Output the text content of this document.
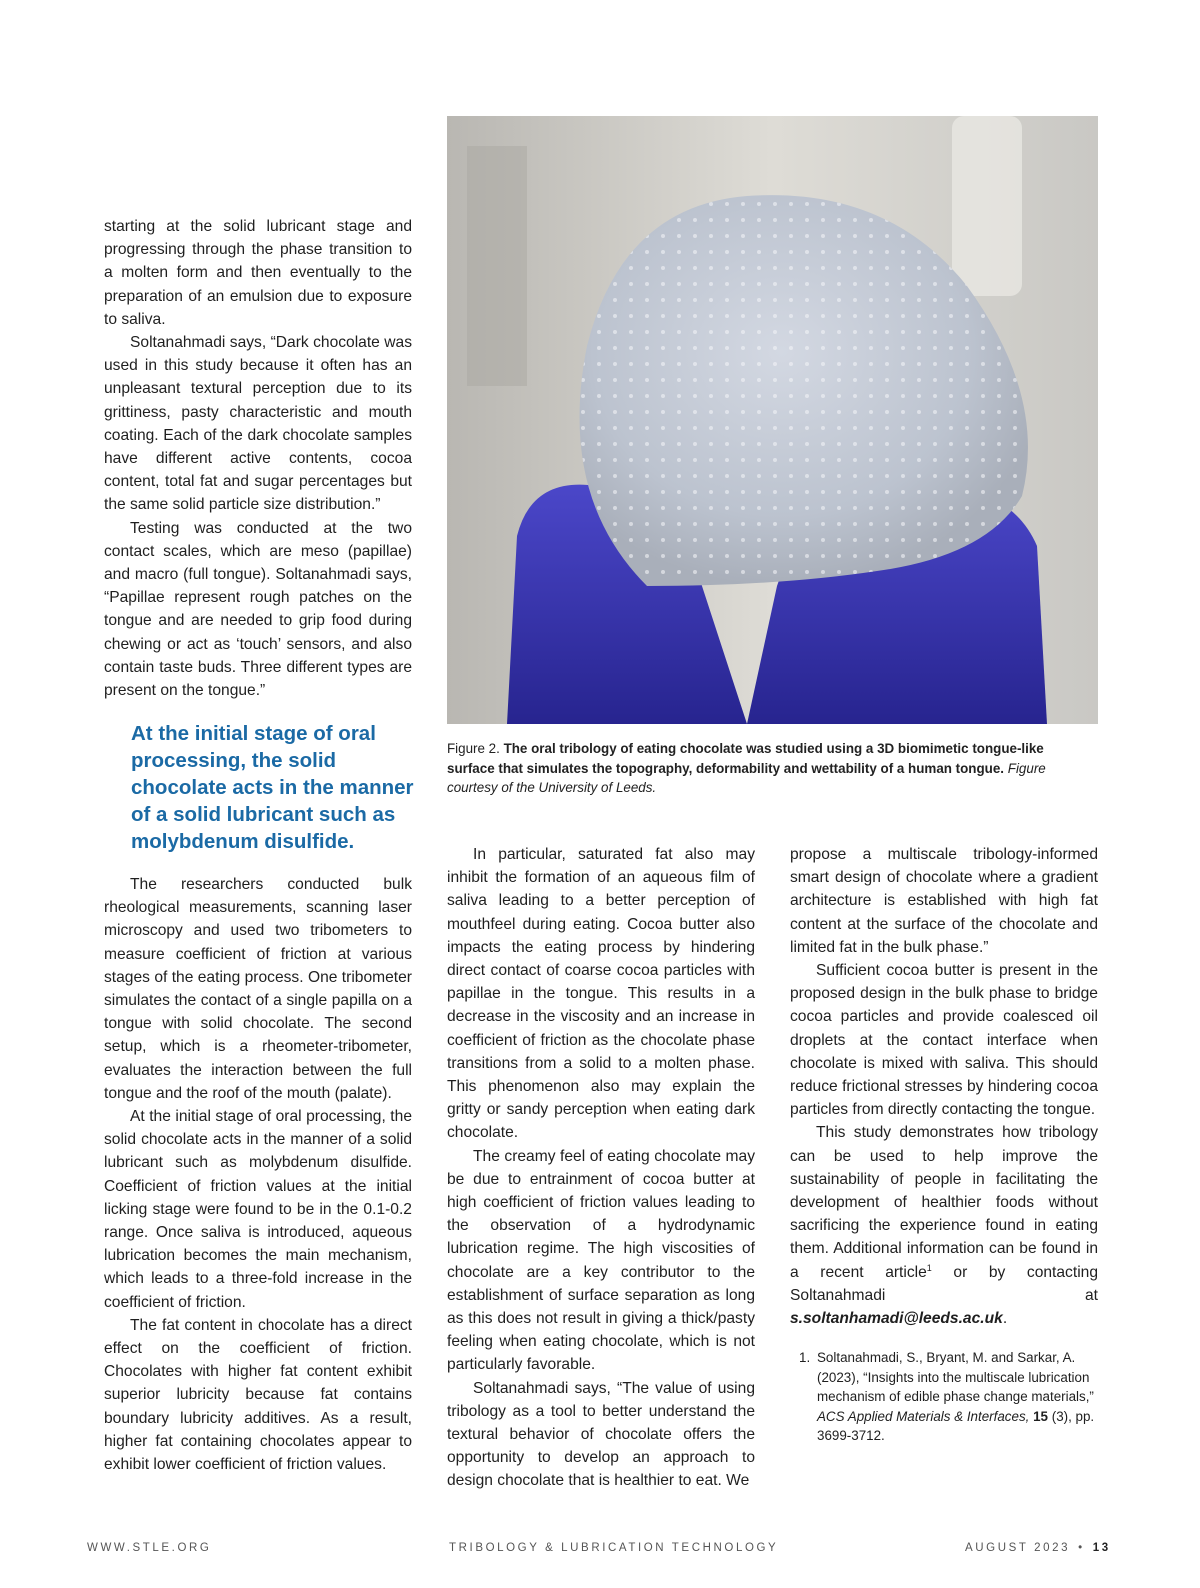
starting at the solid lubricant stage and progressing through the phase transition to a molten form and then eventually to the preparation of an emulsion due to exposure to saliva.

Soltanahmadi says, “Dark chocolate was used in this study because it often has an unpleasant textural perception due to its grittiness, pasty characteristic and mouth coating. Each of the dark chocolate samples have different active contents, cocoa content, total fat and sugar percentages but the same solid particle size distribution.”

Testing was conducted at the two contact scales, which are meso (papillae) and macro (full tongue). Soltanahmadi says, “Papillae represent rough patches on the tongue and are needed to grip food during chewing or act as ‘touch’ sensors, and also contain taste buds. Three different types are present on the tongue.”

At the initial stage of oral processing, the solid chocolate acts in the manner of a solid lubricant such as molybdenum disulfide.

The researchers conducted bulk rheological measurements, scanning laser microscopy and used two tribometers to measure coefficient of friction at various stages of the eating process. One tribometer simulates the contact of a single papilla on a tongue with solid chocolate. The second setup, which is a rheometer-tribometer, evaluates the interaction between the full tongue and the roof of the mouth (palate).

At the initial stage of oral processing, the solid chocolate acts in the manner of a solid lubricant such as molybdenum disulfide. Coefficient of friction values at the initial licking stage were found to be in the 0.1-0.2 range. Once saliva is introduced, aqueous lubrication becomes the main mechanism, which leads to a three-fold increase in the coefficient of friction.

The fat content in chocolate has a direct effect on the coefficient of friction. Chocolates with higher fat content exhibit superior lubricity because fat contains boundary lubricity additives. As a result, higher fat containing chocolates appear to exhibit lower coefficient of friction values.

Figure 2. The oral tribology of eating chocolate was studied using a 3D biomimetic tongue-like surface that simulates the topography, deformability and wettability of a human tongue. Figure courtesy of the University of Leeds.

In particular, saturated fat also may inhibit the formation of an aqueous film of saliva leading to a better perception of mouthfeel during eating. Cocoa butter also impacts the eating process by hindering direct contact of coarse cocoa particles with papillae in the tongue. This results in a decrease in the viscosity and an increase in coefficient of friction as the chocolate phase transitions from a solid to a molten phase. This phenomenon also may explain the gritty or sandy perception when eating dark chocolate.

The creamy feel of eating chocolate may be due to entrainment of cocoa butter at high coefficient of friction values leading to the observation of a hydrodynamic lubrication regime. The high viscosities of chocolate are a key contributor to the establishment of surface separation as long as this does not result in giving a thick/pasty feeling when eating chocolate, which is not particularly favorable.

Soltanahmadi says, “The value of using tribology as a tool to better understand the textural behavior of chocolate offers the opportunity to develop an approach to design chocolate that is healthier to eat. We

propose a multiscale tribology-informed smart design of chocolate where a gradient architecture is established with high fat content at the surface of the chocolate and limited fat in the bulk phase.”

Sufficient cocoa butter is present in the proposed design in the bulk phase to bridge cocoa particles and provide coalesced oil droplets at the contact interface when chocolate is mixed with saliva. This should reduce frictional stresses by hindering cocoa particles from directly contacting the tongue.

This study demonstrates how tribology can be used to help improve the sustainability of people in facilitating the development of healthier foods without sacrificing the experience found in eating them. Additional information can be found in a recent article$^1$ or by contacting Soltanahmadi at s.soltanhamadi@leeds.ac.uk.

1. Soltanahmadi, S., Bryant, M. and Sarkar, A. (2023), “Insights into the multiscale lubrication mechanism of edible phase change materials,” ACS Applied Materials & Interfaces, 15 (3), pp. 3699-3712.
WWW.STLE.ORG	TRIBOLOGY & LUBRICATION TECHNOLOGY	AUGUST 2023 • 13
